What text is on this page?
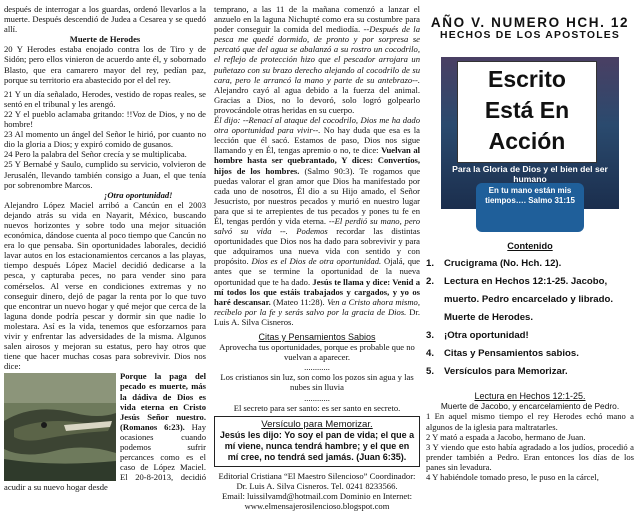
después de interrogar a los guardas, ordenó llevarlos a la muerte. Después descendió de Judea a Cesarea y se quedó allí.

Muerte de Herodes

20 Y Herodes estaba enojado contra los de Tiro y de Sidón; pero ellos vinieron de acuerdo ante él, y sobornado Blasto, que era camarero mayor del rey, pedían paz, porque su territorio era abastecido por el del rey.

21 Y un día señalado, Herodes, vestido de ropas reales, se sentó en el tribunal y les arengó.

22 Y el pueblo aclamaba gritando: !!Voz de Dios, y no de hombre!

23 Al momento un ángel del Señor le hirió, por cuanto no dio la gloria a Dios; y expiró comido de gusanos.

24 Pero la palabra del Señor crecía y se multiplicaba.

25 Y Bernabé y Saulo, cumplido su servicio, volvieron de Jerusalén, llevando también consigo a Juan, el que tenía por sobrenombre Marcos.

¡Otra oportunidad!

Alejandro López Maciel arribó a Cancún en el 2003 dejando atrás su vida en Nayarit, México, buscando nuevos horizontes y sobre todo una mejor situación económica, dándose cuenta al poco tiempo que Cancún no era lo que pensaba. Sin oportunidades laborales, decidió lavar autos en los estacionamientos cercanos a las playas, tiempo después López Maciel decidió dedicarse a la pesca, y capturaba peces, no para vender sino para comérselos. Al verse en condiciones extremas y no conseguir dinero, dejó de pagar la renta por lo que tuvo que encontrar un nuevo hogar y qué mejor que cerca de la laguna donde podría pescar y dormir sin que nadie lo molestara. Así es la vida, tenemos que esforzarnos para vivir y enfrentar las adversidades de la misma. Algunos salen airosos y mejoran su estatus, pero hay otros que tiene que hacer muchas cosas para sobrevivir. Dios nos dice:

Porque la paga del pecado es muerte, más la dádiva de Dios es vida eterna en Cristo Jesús Señor nuestro. (Romanos 6:23). Hay ocasiones cuando podemos sufrir percances como es el caso de López Maciel. El 20-8-2013, decidió acudir a su nuevo hogar desde

temprano, a las 11 de la mañana comenzó a lanzar el anzuelo en la laguna Nichupté como era su costumbre para poder conseguir la comida del mediodía. --Después de la pesca me quedé dormido, de pronto y por sorpresa se percató que del agua se abalanzó a su rostro un cocodrilo, el reflejo de protección hizo que el pescador arrojara un puñetazo con su brazo derecho alejando al cocodrilo de su cara, pero le arrancó la mano y parte de su antebrazo--. Alejandro cayó al agua debido a la fuerza del animal. Gracias a Dios, no lo devoró, solo logró golpearlo provocándole otras heridas en su cuerpo.

Él dijo: --Renací al ataque del cocodrilo, Dios me ha dado otra oportunidad para vivir--. No hay duda que esa es la lección que él sacó. Estamos de paso, Dios nos sigue llamando y en Él, tengas apremio o no, te dice: Vuelvan al hombre hasta ser quebrantado, Y dices: Convertíos, hijos de los hombres. (Salmo 90:3). Te rogamos que puedas valorar el gran amor que Dios ha manifestado por cada uno de nosotros, Él dio a su Hijo amado, el Señor Jesucristo, por nuestros pecados y murió en nuestro lugar para que si te arrepientes de tus pecados y pones tu fe en Él, tengas perdón y vida eterna. --El perdió su mano, pero salvó su vida --. Podemos recordar las distintas oportunidades que Dios nos ha dado para sobrevivir y para que adquiramos una nueva vida con sentido y con propósito. Dios es el Dios de otra oportunidad. Ojalá, que antes que se termine la oportunidad de la nueva oportunidad que te ha dado. Jesús te llama y dice: Venid a mí todos los que estáis trabajados y cargados, y yo os haré descansar. (Mateo 11:28). Ven a Cristo ahora mismo, recíbelo por la fe y serás salvo por la gracia de Dios. Dr. Luis A. Silva Cisneros.

Citas y Pensamientos Sabios

Aprovecha tus oportunidades, porque es probable que no vuelvan a aparecer.

............

Los cristianos sin luz, son como los pozos sin agua y las nubes sin lluvia

............

El secreto para ser santo: es ser santo en secreto.

Versículo para Memorizar.

Jesús les dijo: Yo soy el pan de vida; el que a mí viene, nunca tendrá hambre; y el que en mí cree, no tendrá sed jamás. (Juan 6:35).

Editorial Cristiana “El Maestro Silencioso” Coordinador:

Dr. Luis A. Silva Cisneros. Tel. 0241 8233566.

Email: luissilvamd@hotmail.com Dominio en Internet:

www.elmensajerosilencioso.blogspot.com

AÑO V. NUMERO HCH. 12
HECHOS DE LOS APOSTOLES
Escrito
Está En
Acción
Para la Gloria de Dios y el bien del ser humano
En tu mano están mis tiempos…. Salmo 31:15
Contenido
1.	Crucigrama (No. Hch. 12).
2.	Lectura en Hechos 12:1-25. Jacobo, muerto. Pedro encarcelado y librado. Muerte de Herodes.
3.	¡Otra oportunidad!
4.	Citas y Pensamientos sabios.
5.	Versículos para Memorizar.

Lectura en Hechos 12:1-25.

Muerte de Jacobo, y encarcelamiento de Pedro.

1 En aquel mismo tiempo el rey Herodes echó mano a algunos de la iglesia para maltratarles.

2 Y mató a espada a Jacobo, hermano de Juan.

3 Y viendo que esto había agradado a los judíos, procedió a prender también a Pedro. Eran entonces los días de los panes sin levadura.

4 Y habiéndole tomado preso, le puso en la cárcel,
